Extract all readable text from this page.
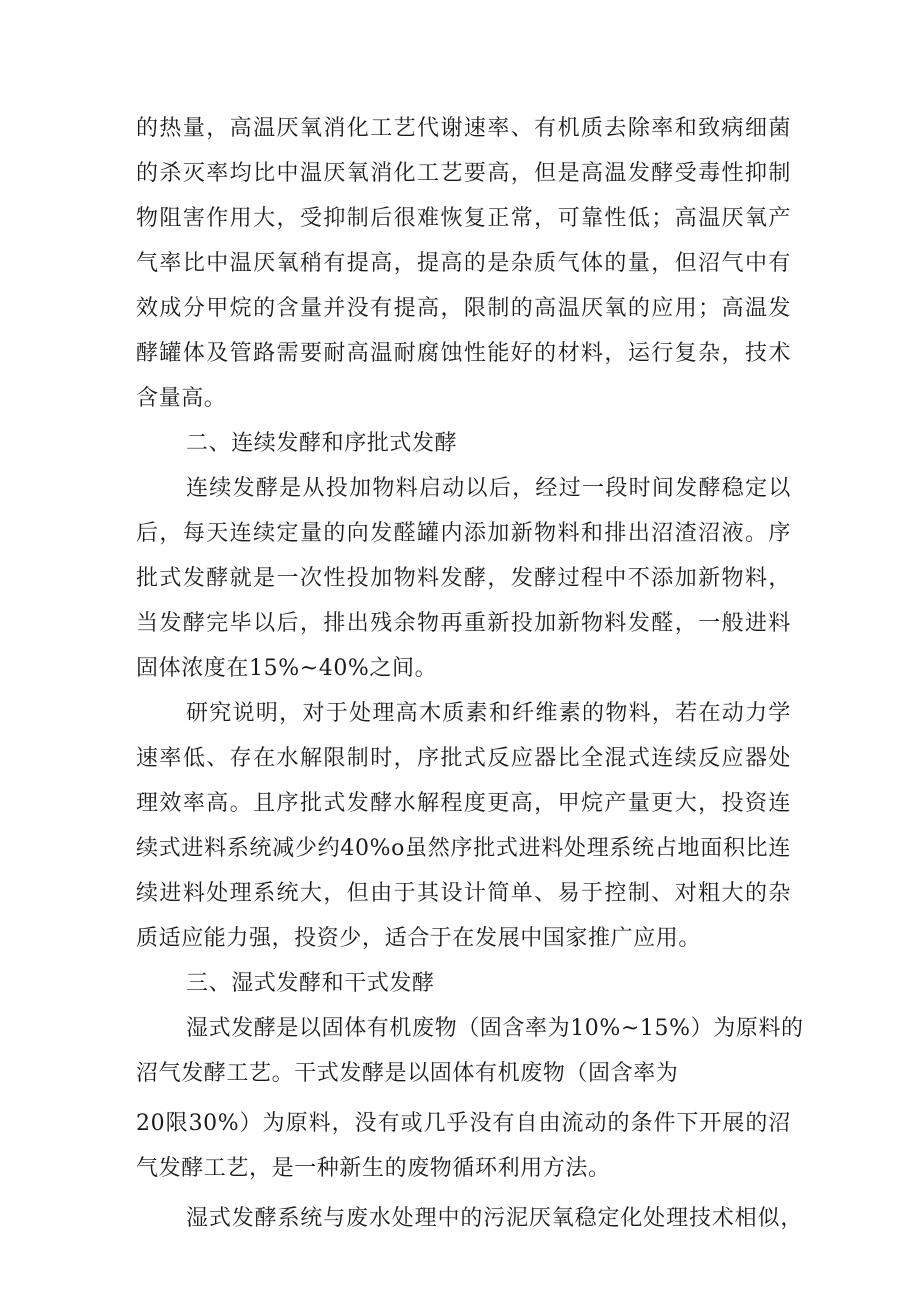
的热量，高温厌氧消化工艺代谢速率、有机质去除率和致病细菌
的杀灭率均比中温厌氧消化工艺要高，但是高温发酵受毒性抑制
物阻害作用大，受抑制后很难恢复正常，可靠性低；高温厌氧产
气率比中温厌氧稍有提高，提高的是杂质气体的量，但沼气中有
效成分甲烷的含量并没有提高，限制的高温厌氧的应用；高温发
酵罐体及管路需要耐高温耐腐蚀性能好的材料，运行复杂，技术
含量高。
二、连续发酵和序批式发酵
连续发酵是从投加物料启动以后，经过一段时间发酵稳定以
后，每天连续定量的向发醛罐内添加新物料和排出沼渣沼液。序
批式发酵就是一次性投加物料发酵，发酵过程中不添加新物料，
当发酵完毕以后，排出残余物再重新投加新物料发醛，一般进料
固体浓度在15%~40%之间。
研究说明，对于处理高木质素和纤维素的物料，若在动力学
速率低、存在水解限制时，序批式反应器比全混式连续反应器处
理效率高。且序批式发酵水解程度更高，甲烷产量更大，投资连
续式进料系统减少约40%o虽然序批式进料处理系统占地面积比连
续进料处理系统大，但由于其设计简单、易于控制、对粗大的杂
质适应能力强，投资少，适合于在发展中国家推广应用。
三、湿式发酵和干式发酵
湿式发酵是以固体有机废物（固含率为10%~15%）为原料的
沼气发酵工艺。干式发酵是以固体有机废物（固含率为
20限30%）为原料，没有或几乎没有自由流动的条件下开展的沼
气发酵工艺，是一种新生的废物循环利用方法。
湿式发酵系统与废水处理中的污泥厌氧稳定化处理技术相似，
